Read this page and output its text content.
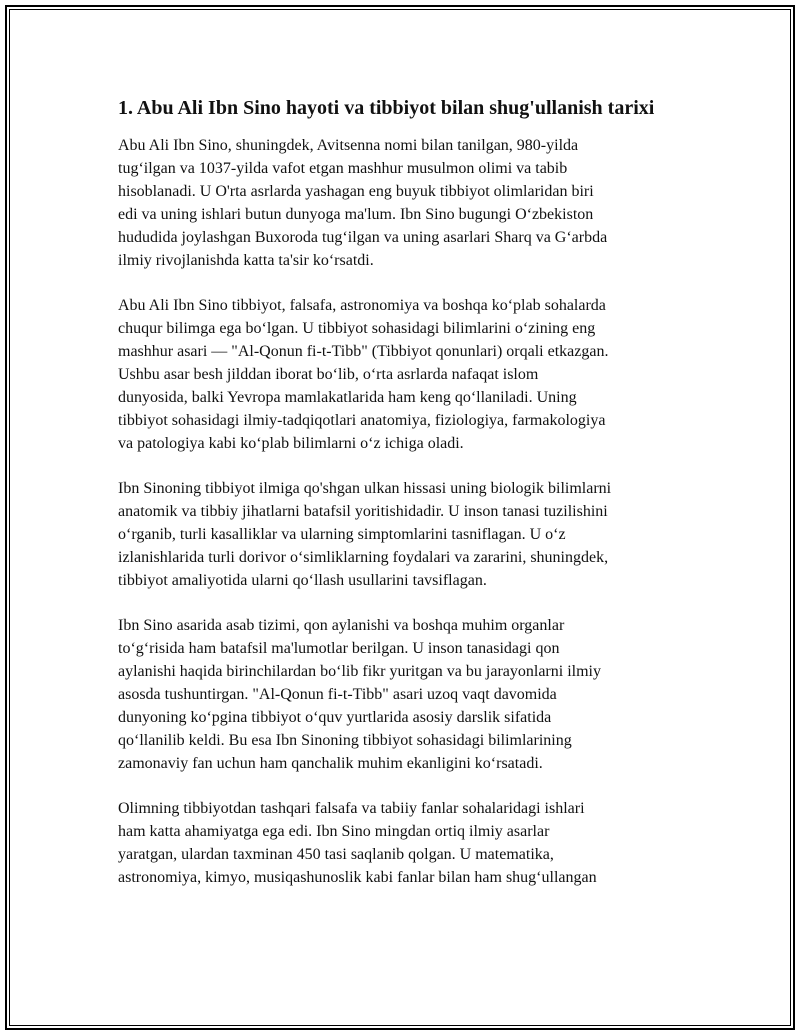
1. Abu Ali Ibn Sino hayoti va tibbiyot bilan shug'ullanish tarixi

Abu Ali Ibn Sino, shuningdek, Avitsenna nomi bilan tanilgan, 980-yilda
tug‘ilgan va 1037-yilda vafot etgan mashhur musulmon olimi va tabib
hisoblanadi. U O'rta asrlarda yashagan eng buyuk tibbiyot olimlaridan biri
edi va uning ishlari butun dunyoga ma'lum. Ibn Sino bugungi O‘zbekiston
hududida joylashgan Buxoroda tug‘ilgan va uning asarlari Sharq va G‘arbda
ilmiy rivojlanishda katta ta'sir ko‘rsatdi.

Abu Ali Ibn Sino tibbiyot, falsafa, astronomiya va boshqa ko‘plab sohalarda
chuqur bilimga ega bo‘lgan. U tibbiyot sohasidagi bilimlarini o‘zining eng
mashhur asari — "Al-Qonun fi-t-Tibb" (Tibbiyot qonunlari) orqali etkazgan.
Ushbu asar besh jilddan iborat bo‘lib, o‘rta asrlarda nafaqat islom
dunyosida, balki Yevropa mamlakatlarida ham keng qo‘llaniladi. Uning
tibbiyot sohasidagi ilmiy-tadqiqotlari anatomiya, fiziologiya, farmakologiya
va patologiya kabi ko‘plab bilimlarni o‘z ichiga oladi.

Ibn Sinoning tibbiyot ilmiga qo'shgan ulkan hissasi uning biologik bilimlarni
anatomik va tibbiy jihatlarni batafsil yoritishidadir. U inson tanasi tuzilishini
o‘rganib, turli kasalliklar va ularning simptomlarini tasniflagan. U o‘z
izlanishlarida turli dorivor o‘simliklarning foydalari va zararini, shuningdek,
tibbiyot amaliyotida ularni qo‘llash usullarini tavsiflagan.

Ibn Sino asarida asab tizimi, qon aylanishi va boshqa muhim organlar
to‘g‘risida ham batafsil ma'lumotlar berilgan. U inson tanasidagi qon
aylanishi haqida birinchilardan bo‘lib fikr yuritgan va bu jarayonlarni ilmiy
asosda tushuntirgan. "Al-Qonun fi-t-Tibb" asari uzoq vaqt davomida
dunyoning ko‘pgina tibbiyot o‘quv yurtlarida asosiy darslik sifatida
qo‘llanilib keldi. Bu esa Ibn Sinoning tibbiyot sohasidagi bilimlarining
zamonaviy fan uchun ham qanchalik muhim ekanligini ko‘rsatadi.

Olimning tibbiyotdan tashqari falsafa va tabiiy fanlar sohalaridagi ishlari
ham katta ahamiyatga ega edi. Ibn Sino mingdan ortiq ilmiy asarlar
yaratgan, ulardan taxminan 450 tasi saqlanib qolgan. U matematika,
astronomiya, kimyo, musiqashunoslik kabi fanlar bilan ham shug‘ullangan
